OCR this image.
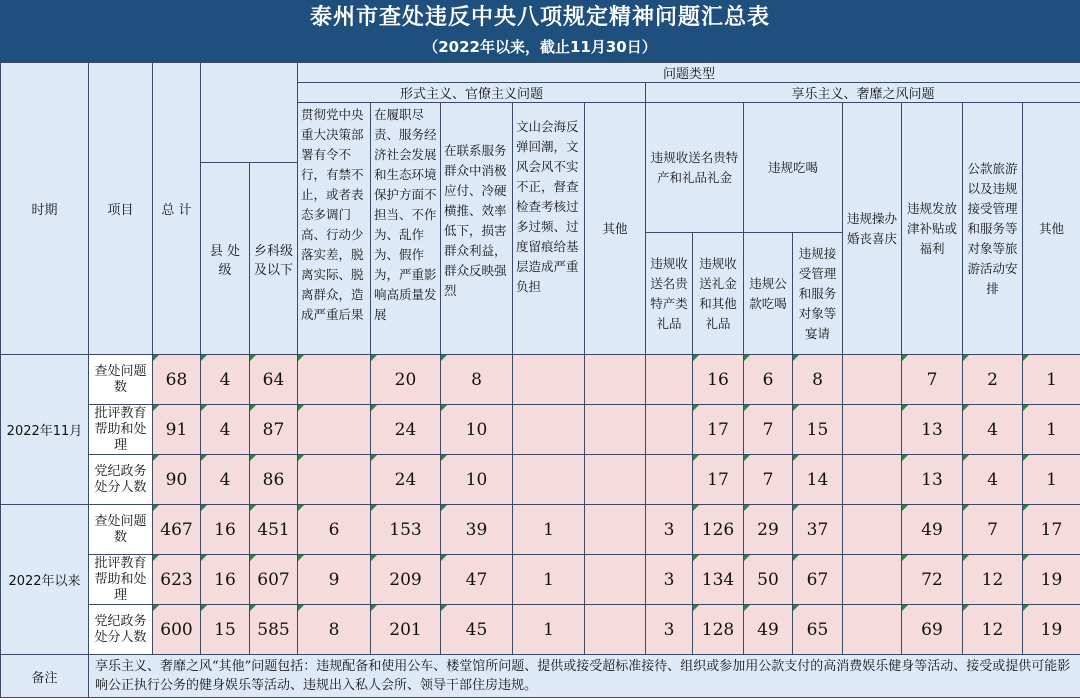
泰州市查处违反中央八项规定精神问题汇总表
（2022年以来，截止11月30日）
时期	项目	总 计			问题类型												
					形式主义、官僚主义问题					享乐主义、奢靡之风问题							

					贯彻党中央重大决策部署有令不行，有禁不止，或者表态多调门高、行动少落实差，脱离实际、脱离群众，造成严重后果	在履职尽责、服务经济社会发展和生态环境保护方面不担当、不作为、乱作为、假作为，严重影响高质量发展	在联系服务群众中消极应付、冷硬横推、效率低下，损害群众利益，群众反映强烈	文山会海反弹回潮，文风会风不实不正，督查检查考核过多过频、过度留痕给基层造成严重负担	其他	违规收送名贵特产和礼品礼金		违规吃喝		违规操办婚丧喜庆	违规发放津补贴或福利	公款旅游以及违规接受管理和服务等对象等旅游活动安排	其他

			县 处 级	乡科级及以下													

										违规收送名贵特产类礼品	违规收送礼金和其他礼品	违规公款吃喝	违规接受管理和服务对象等宴请				

2022年11月	查处问题数	68	4	64		20	8				16	6	8		7	2	1
	批评教育帮助和处理	91	4	87		24	10				17	7	15		13	4	1
	党纪政务处分人数	90	4	86		24	10				17	7	14		13	4	1
2022年以来	查处问题数	467	16	451	6	153	39	1		3	126	29	37		49	7	17
	批评教育帮助和处理	623	16	607	9	209	47	1		3	134	50	67		72	12	19
	党纪政务处分人数	600	15	585	8	201	45	1		3	128	49	65		69	12	19
备注	享乐主义、奢靡之风“其他”问题包括：违规配备和使用公车、楼堂馆所问题、提供或接受超标准接待、组织或参加用公款支付的高消费娱乐健身等活动、接受或提供可能影响公正执行公务的健身娱乐等活动、违规出入私人会所、领导干部住房违规。																
